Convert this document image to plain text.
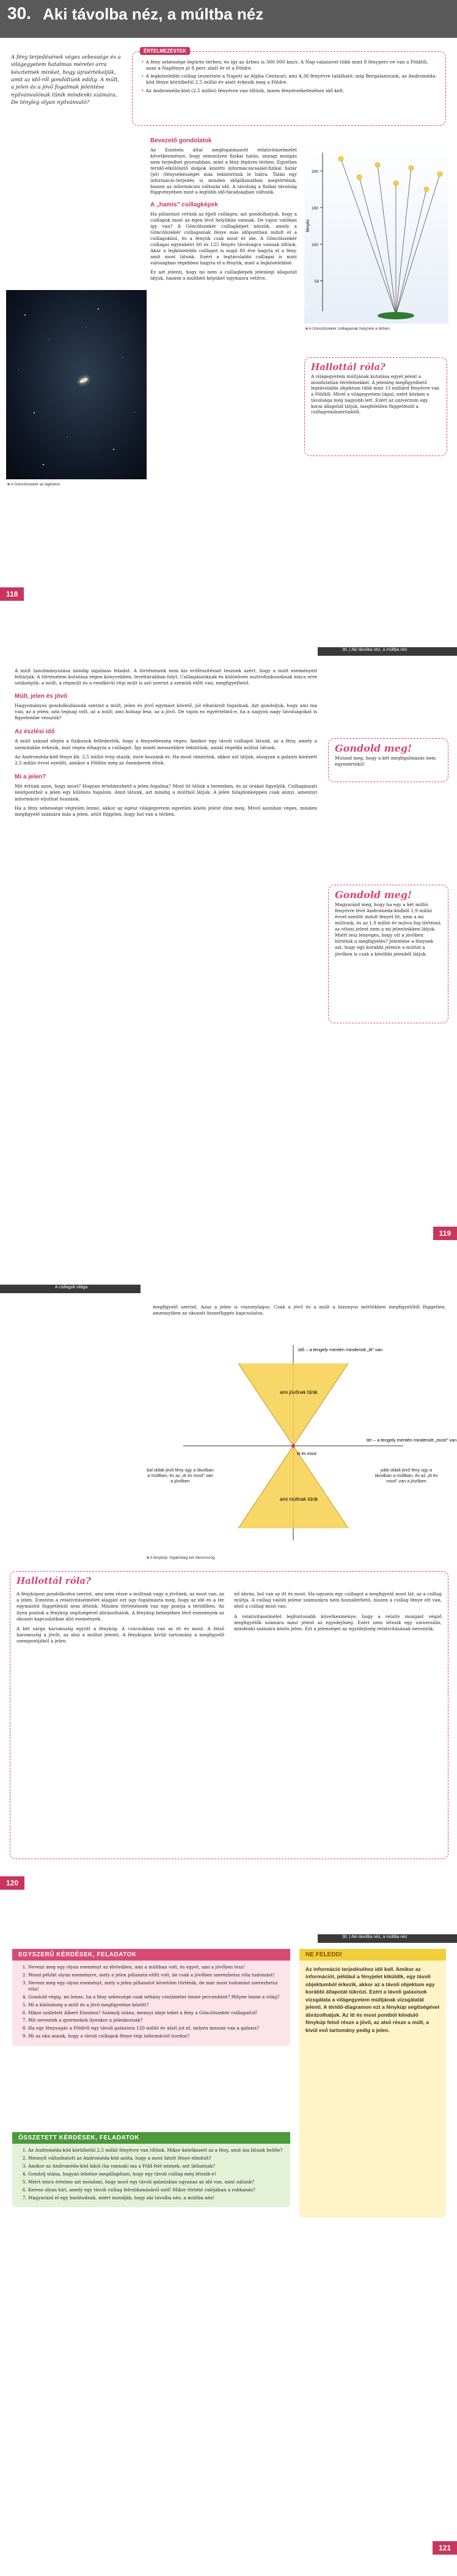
30. Aki távolba néz, a múltba néz
A fény terjedésének véges sebessége és a világegyetem hatalmas méretei arra késztetnek minket, hogy újraértékeljük, amit az idő-ről gondoltunk eddig. A múlt, a jelen és a jövő fogalmak jelentése nyilvánvalónak tűnik mindenki számára. De tényleg olyan nyilvánvaló?
ÉRTELMEZÉSTEK
• A fény sebessége légüres térben, és így az űrben is 300 000 km/s. A Nap valamivel több mint 8 fényperc-re van a Földtől, azaz a Napfénye jó 8 perc alatt ér el a Földre.
• A legközelebbi csillag (eszerinte a Napot) az Alpha Centauri, ami 4,36 fényévre található; míg Bergalaxisunk, az Androméda-köd fénye körülbelül 2,5 millió év alatt érkezik meg a Földre.
• Az Androméda-köd (2,5 millió) fényévre van tőlünk, innen fényérzékeléséhez idő kell.
Bevezető gondolatok

Az Einstein által megfogalmazott relativitáselmélet következménye, hogy semmilyen fizikai hatás, anyagi mozgás nem terjedhet gyorsabban, mint a fény légüres térben. Egyetlen téridő-elkülönítő dolgok közötti információcsalád-fizikai határ (jel) (fénysebességet más tekintetünk le hátra. Talán egy információ-terjedés is minden időpillanatban megtörténik, hiszen az információs változás idő. A távolság a fizikai távolság függvényében mint a legtöbb idő-fáradságban változik.

A „hamis” csillagképek

Ha pillantást vetünk az éjjeli csillagra, azt gondolhatjuk, hogy a csillagok most az égen lévő helyükön vannak. De vajon valóban így van? A Göncölszekér csillagképet nézzük, amely a Göncölszekér csillagainak fénye más időpontban indult el a csillagokból, és a fényük csak most ér ide. A Göncölszekér csillagai egyenként 60 és 125 fényév távolságra vannak tőlünk. Akár a legközelebbi csillagot is majd 80 éve hagyta el a fény, amit most látunk. Ezért a legtávolabbi csillagai is mint valóságban régebben hagyta el a fényük, mint a legközelebbié.

Ez azt jelenti, hogy mi nem a csillagképek jelenlegi állapotát látjuk, hanem a múltbeli képüket egymásra vetítve.

■ A Göncölszekér az égbolton
fényév
200
150
100
50
■ A Göncölszekér csillagainak helyzete a térben
Hallottál róla?
A világegyetem múltjának kutatása egyet jelent a mozdulatlan térelemekkel. A jelenleg megfigyelhető legtávolabbi objektum több mint 13 milliárd fényévre van a Földtől. Mivel a világegyetem tágul, ezért közben a távolsága még nagyobb lett. Ezért az univerzum egy korai állapotát látjuk, megfelelően függetlenül a csillagrendszerünktől.
118
30. | Aki távolba néz, a múltba néz

A múlt tanulmányozása mindig izgalmas feladat. A történészek nem kis erőfeszítéssel tesznek azért, hogy a múlt eseményeit feltárják. A történelem kutatása régen könyvekben, levéltárakban folyt. Csillagászoknak és különösen asztrofizikusoknak nincs erre szükségük: a múlt, a régmúlt és a rendkívül régi múlt is szó szerint a szemük előtt van, megfigyelhető.

Múlt, jelen és jövő

Hagyományos gondolkodásunk szerint a múlt, jelen és jövő egymást követő, jól elhatárolt fogalmak. Azt gondoljuk, hogy ami ma van, az a jelen; ami tegnap volt, az a múlt; ami holnap lesz, az a jövő. De vajon ez egyértelmű-e, ha a nagyon nagy távolságokat is figyelembe vesszük?

Az észlési idő

A múlt század elején a fizikusok felfedezték, hogy a fénysebesség véges. Amikor egy távoli csillagot látunk, az a fény, amely a szemünkbe érkezik, már régen elhagyta a csillagot. Így minél messzebbre tekintünk, annál régebbi múltat látunk.

Az Androméda-köd fénye kb. 2,5 millió évig utazik, mire hozzánk ér. Ha most ránézünk, akkor azt látjuk, ahogyan a galaxis kinézett 2,5 millió évvel ezelőtt, amikor a Földön még az ősemberek éltek.

Mi a jelen?

Mit értünk azon, hogy most? Hogyan értelmezhető a jelen fogalma? Most itt ülünk a teremben, és az órákat figyeljük. Csillagászati nézőpontból a jelen egy különös fogalom. Amit látunk, azt mindig a múltból látjuk. A jelen tulajdonképpen csak annyi, amennyi információ eljuthat hozzánk.

Ha a fény sebessége végtelen lenne, akkor az egész világegyetem egyetlen közös jelent élne meg. Mivel azonban véges, minden megfigyelő számára más a jelen, attól függően, hogy hol van a térben.

Gondold meg!
Mutasd meg, hogy a két megfigalmazás nem egyenértékű!
Gondold meg!
Magyarázd meg, hogy ha egy a két millió fényévre lévő Androméda-ködből 1,9 millió évvel ezelőtt indult fényét itt, nem a mi múltunk, és az 1,9 millió év múlva fog történni, az ottani jelent nem a mi jelenünkben látjuk. Miért lesz lényeges, hogy ott a jövőben történik a megfigyelés? Jelentése a fénynek azt, hogy egy korábbi jelenre a múltat a jövőben is csak a későbbi jelenből látjuk.
119
A csillagok világa
megfigyelő szerint. Azaz a jelen is viszonylagos. Csak a jövő és a múlt a bizonyos mértékben megfigyelőtől független, amennyiben az okozati összefüggés kapcsolatos.
idő – a tengely mentén mindenütt „itt” van
ami jövőnek tűnik
ami múltnak tűnik
tér – a tengely mentén mindenütt „most” van
itt és most
bal oldali jövő fény úgy a távolban a múltban, és az „itt és most” van a jövőben
jobb oldali jövő fény úgy a távolban a múltban, és az „itt és most” van a jövőben
■ A fénykúp: fogalmilag két háromszög
Hallottál róla?

A fénykúpon gondolkodva szerint, ami nem része a múltnak vagy a jövőnek, az most van, az a jelen. Einstein a relativitáselmélet alapján ezt úgy fogalmazta meg, hogy az idő és a tér egymástól függetlenül nem létezik. Minden történésnek van egy pontja a téridőben. Az ilyen pontok a fénykúp segítségével ábrázolhatók. A fénykúp belsejében lévő események az okozati kapcsolatban álló események.

A két sárga háromszög együtt a fénykúp. A csúcsukban van az itt és most. A felső háromszög a jövőt, az alsó a múltat jelenti. A fénykúpon kívüli tartomány a megfigyelő szempontjából a jelen.

nő ábrán, hol van az itt és most. Ha ugyanis egy csillagot a megfigyelő most lát, az a csillag múltja. A csillag valódi jelene számunkra nem hozzáférhető, hiszen a csillag fénye ott van, ahol a csillag most van.

A relativitáselmélet legfontosabb következménye, hogy a relatív mozgást végző megfigyelők számára mást jelent az egyidejűség. Ezért nem létezik egy univerzális, mindenki számára közös jelen. Ezt a jelenséget az egyidejűség relativitásának nevezzük.

120
30. | Aki távolba néz, a múltba néz
EGYSZERŰ KÉRDÉSEK, FELADATOK
1. Nevezz meg egy olyan eseményt az életedben, ami a múltban volt, és egyet, ami a jövőben lesz!
2. Mond példát olyan eseményre, mely a jelen pillanata előtt volt, de csak a jövőben szerezhetsz róla tudomást!
3. Nevezz meg egy olyan eseményt, mely a jelen pillanatot követően történik, de már most tudomást szerezhetsz róla!
4. Gondold végig, mi lenne, ha a fény sebessége csak néhány centiméter lenne percenként? Milyen lenne a világ?
5. Mi a különbség a múlt és a jövő megfigyelése között?
6. Mikor született Albert Einstein? Számolj utána, mennyi ideje lehet a fény a Göncölszekér csillagaitól!
7. Mit neveztek a gyermekek ilyenkor a jelenkornak?
8. Ha egy fénysugár a Földről egy távoli galaxisra 120 millió év alatt jut el, milyen messze van a galaxis?
9. Mi az oka annak, hogy a távoli csillagok fénye régi információt hordoz?
ÖSSZETETT KÉRDÉSEK, FELADATOK
1. Az Androméda-köd körülbelül 2,5 millió fényévre van tőlünk. Mikor keletkezett az a fény, amit ma látunk belőle?
2. Mennyit változhatott az Androméda-köd azóta, hogy a most látott fénye elindult?
3. Amikor az Androméda-köd lakói (ha vannak) ma a Föld felé néznek, mit láthatnak?
4. Gondolj utána, hogyan lehetne megállapítani, hogy egy távoli csillag még létezik-e!
5. Miért nincs értelme azt mondani, hogy most egy távoli galaxisban ugyanaz az idő van, mint nálunk?
6. Keress olyan hírt, amely egy távoli csillag felrobbanásáról szól! Mikor történt valójában a robbanás?
7. Magyarázd el egy barátodnak, miért mondják, hogy aki távolba néz, a múltba néz!
NE FELEDD!
Az információ terjedéséhez idő kell. Amikor az információt, például a fényjelet kiküldik, egy távoli objektumból érkezik, akkor az a távoli objektum egy korábbi állapotát tükrözi. Ezért a távoli galaxisok vizsgálata a világegyetem múltjának vizsgálatát jelenti. A téridő-diagramon ezt a fénykúp segítségével ábrázolhatjuk. Az itt és most pontból kiinduló fénykúp felső része a jövő, az alsó része a múlt, a kívül eső tartomány pedig a jelen.
121
